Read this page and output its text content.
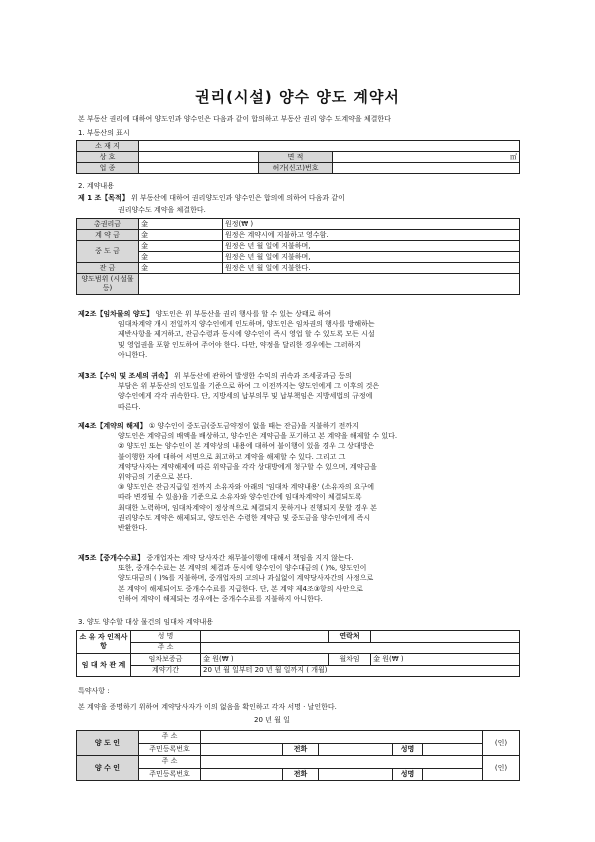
권리(시설) 양수 양도 계약서
본 부동산 권리에 대하여 양도인과 양수인은 다음과 같이 합의하고 부동산 권리 양수 도계약을 체결한다
1. 부동산의 표시
소 재 지			
상 호		면 적	㎡
업 종		허가(신고)번호	
2. 계약내용
제 1 조【목적】 위 부동산에 대하여 권리양도인과 양수인은 합의에 의하여 다음과 같이
권리양수도 계약을 체결한다.
총권리금	金	원정(₩ )
계 약 금	金	원정은 계약시에 지불하고 영수함.
중 도 금	金	원정은 년 월 일에 지불하며,
	金	원정은 년 월 일에 지불하며,
잔 금	金	원정은 년 월 일에 지불한다.
양도범위 (시설물등)		

제2조【임차물의 양도】 양도인은 위 부동산을 권리 행사를 할 수 있는 상태로 하여

임대차계약 개시 전일까지 양수인에게 인도하며, 양도인은 임차권의 행사를 방해하는

제반사항을 제거하고, 잔금수령과 동시에 양수인이 즉시 영업 할 수 있도록 모든 시설

및 영업권을 포함 인도하여 주어야 한다. 다만, 약정을 달리한 경우에는 그러하지

아니한다.

제3조【수익 및 조세의 귀속】 위 부동산에 관하여 발생한 수익의 귀속과 조세공과금 등의

부담은 위 부동산의 인도일을 기준으로 하여 그 이전까지는 양도인에게 그 이후의 것은

양수인에게 각각 귀속한다. 단, 지방세의 납부의무 및 납부책임은 지방세법의 규정에

따른다.

제4조【계약의 해제】 ① 양수인이 중도금(중도금약정이 없을 때는 잔금)을 지불하기 전까지

양도인은 계약금의 배액을 배상하고, 양수인은 계약금을 포기하고 본 계약을 해제할 수 있다.

② 양도인 또는 양수인이 본 계약상의 내용에 대하여 불이행이 있을 경우 그 상대방은

불이행한 자에 대하여 서면으로 최고하고 계약을 해제할 수 있다. 그리고 그

계약당사자는 계약해제에 따른 위약금을 각각 상대방에게 청구할 수 있으며, 계약금을

위약금의 기준으로 본다.

③ 양도인은 잔금지급일 전까지 소유자와 아래의 '임대차 계약내용' (소유자의 요구에

따라 변경될 수 있음)을 기준으로 소유자와 양수인간에 임대차계약이 체결되도록

최대한 노력하며, 임대차계약이 정상적으로 체결되지 못하거나 진행되지 못할 경우 본

권리양수도 계약은 해제되고, 양도인은 수령한 계약금 및 중도금을 양수인에게 즉시

반환한다.

제5조【중개수수료】 중개업자는 계약 당사자간 채무불이행에 대해서 책임을 지지 않는다.

또한, 중개수수료는 본 계약의 체결과 동시에 양수인이 양수대금의 ( )%, 양도인이

양도대금의 ( )%를 지불하며, 중개업자의 고의나 과실없이 계약당사자간의 사정으로

본 계약이 해제되어도 중개수수료를 지급한다. 단, 본 계약 제4조③항의 사안으로

인하여 계약이 해제되는 경우에는 중개수수료를 지불하지 아니한다.

3. 양도 양수할 대상 물건의 임대차 계약내용
소 유 자 인적사항	성 명		연락처	
	주 소			
임 대 차 관 계	임차보증금	金 원(₩ )	월차임	金 원(₩ )
	계약기간	20 년 월 일부터 20 년 월 일까지 ( 개월)		
특약사항 :
본 계약을 증명하기 위하여 계약당사자가 이의 없음을 확인하고 각자 서명 · 날인한다.
20 년 월 일
양 도 인	주 소						(인)
	주민등록번호		전화		성명		
양 수 인	주 소						(인)
	주민등록번호		전화		성명		
